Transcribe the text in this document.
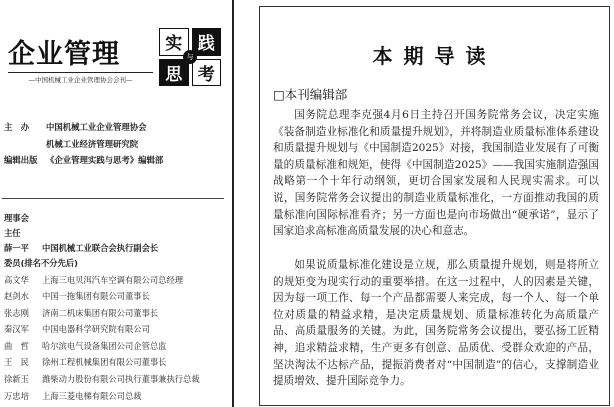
企业管理	实 践
思 考
与
—中国机械工业企业管理协会会刊—
主　办 中国机械工业企业管理协会
机械工业经济管理研究院
编辑出版 《企业管理实践与思考》编辑部
理事会
主任
薛一平 中国机械工业联合会执行副会长
委员(排名不分先后)
高文华 上海三电贝洱汽车空调有限公司总经理
赵剑水 中国一拖集团有限公司董事长
张志刚 济南二机床集团有限公司董事长
秦汉军 中国电器科学研究院有限公司
曲　哲 哈尔滨电气设备集团公司企管总监
王　民 徐州工程机械集团有限公司董事长
徐新玉 潍柴动力股份有限公司执行董事兼执行总裁
万忠培 上海三菱电梯有限公司总裁
本期导读
□本刊编辑部

国务院总理李克强4月6日主持召开国务院常务会议，决定实施《装备制造业标准化和质量提升规划》，并将制造业质量标准体系建设和质量提升规划与《中国制造2025》对接，我国制造业发展有了可衡量的质量标准和规矩，使得《中国制造2025》——我国实施制造强国战略第一个十年行动纲领，更切合国家发展和人民现实需求。可以说，国务院常务会议提出的制造业质量标准化，一方面推动我国的质量标准向国际标准看齐；另一方面也是向市场做出“硬承诺”，显示了国家追求高标准高质量发展的决心和意志。

如果说质量标准化建设是立规，那么质量提升规划，则是将所立的规矩变为现实行动的重要举措。在这一过程中，人的因素是关键，因为每一项工作、每一个产品都需要人来完成，每一个人、每一个单位对质量的精益求精，是决定质量规划、质量标准转化为高质量产品、高质量服务的关键。为此，国务院常务会议提出，要弘扬工匠精神，追求精益求精，生产更多有创意、品质优、受群众欢迎的产品，坚决淘汰不达标产品，提振消费者对“中国制造”的信心，支撑制造业提质增效、提升国际竞争力。
